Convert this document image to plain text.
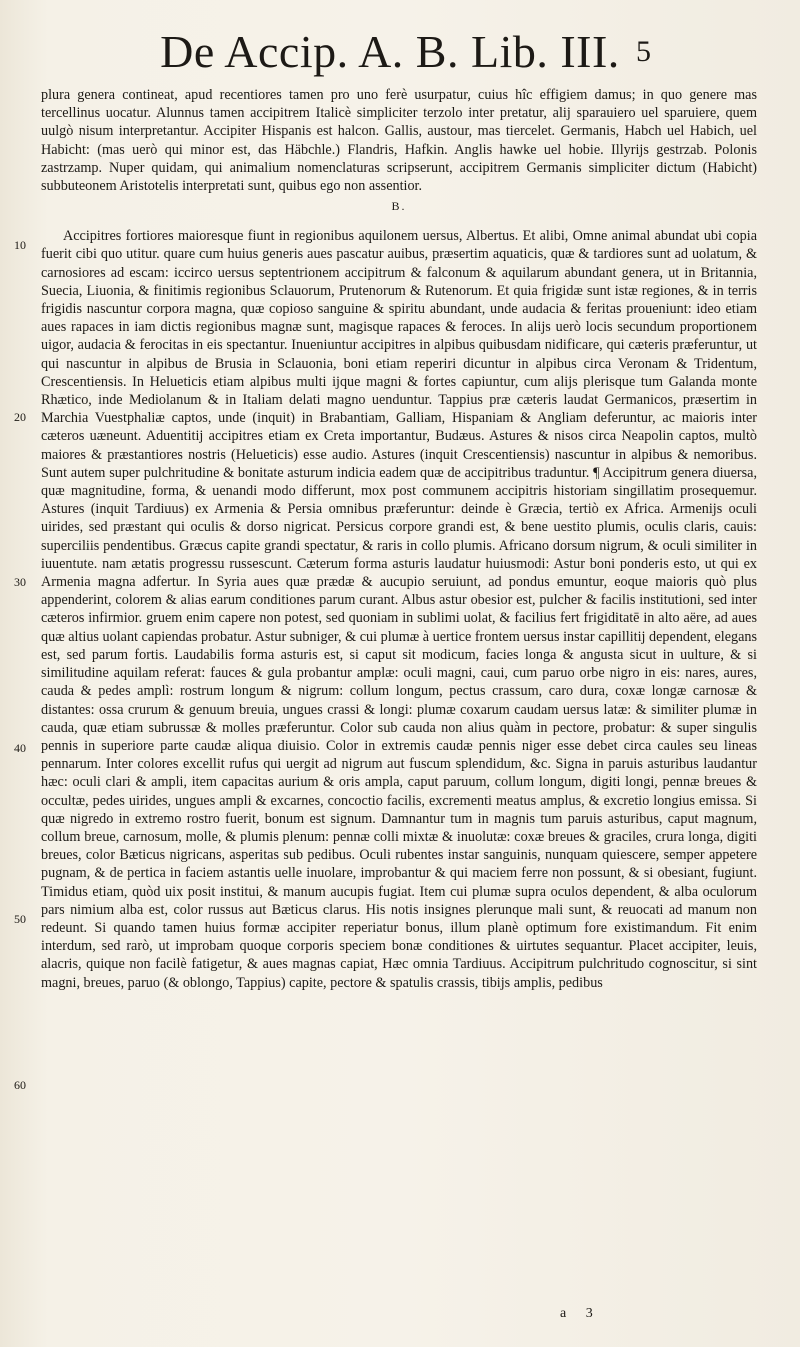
De Accip. A. B. Lib. III. 5
10
20
30
40
50
60

plura genera contineat, apud recentiores tamen pro uno ferè usurpatur, cuius hîc effigiem damus; in quo genere mas tercellinus uocatur. Alunnus tamen accipitrem Italicè simpliciter terzolo inter pretatur, alij sparauiero uel sparuiere, quem uulgò nisum interpretantur. Accipiter Hispanis est halcon. Gallis, austour, mas tiercelet. Germanis, Habch uel Habich, uel Habicht: (mas uerò qui minor est, das Häbchle.) Flandris, Hafkin. Anglis hawke uel hobie. Illyrijs gestrzab. Polonis zastrzamp. Nuper quidam, qui animalium nomenclaturas scripserunt, accipitrem Germanis simpliciter dictum (Habicht) subbuteonem Aristotelis interpretati sunt, quibus ego non assentior.

B.

Accipitres fortiores maioresque fiunt in regionibus aquilonem uersus, Albertus. Et alibi, Omne animal abundat ubi copia fuerit cibi quo utitur. quare cum huius generis aues pascatur auibus, præsertim aquaticis, quæ & tardiores sunt ad uolatum, & carnosiores ad escam: iccirco uersus septentrionem accipitrum & falconum & aquilarum abundant genera, ut in Britannia, Suecia, Liuonia, & finitimis regionibus Sclauorum, Prutenorum & Rutenorum. Et quia frigidæ sunt istæ regiones, & in terris frigidis nascuntur corpora magna, quæ copioso sanguine & spiritu abundant, unde audacia & feritas proueniunt: ideo etiam aues rapaces in iam dictis regionibus magnæ sunt, magisque rapaces & feroces. In alijs uerò locis secundum proportionem uigor, audacia & ferocitas in eis spectantur. Inueniuntur accipitres in alpibus quibusdam nidificare, qui cæteris præferuntur, ut qui nascuntur in alpibus de Brusia in Sclauonia, boni etiam reperiri dicuntur in alpibus circa Veronam & Tridentum, Crescentiensis. In Helueticis etiam alpibus multi ijque magni & fortes capiuntur, cum alijs plerisque tum Galanda monte Rhætico, inde Mediolanum & in Italiam delati magno uenduntur. Tappius præ cæteris laudat Germanicos, præsertim in Marchia Vuestphaliæ captos, unde (inquit) in Brabantiam, Galliam, Hispaniam & Angliam deferuntur, ac maioris inter cæteros uæneunt. Aduentitij accipitres etiam ex Creta importantur, Budæus. Astures & nisos circa Neapolin captos, multò maiores & præstantiores nostris (Helueticis) esse audio. Astures (inquit Crescentiensis) nascuntur in alpibus & nemoribus. Sunt autem super pulchritudine & bonitate asturum indicia eadem quæ de accipitribus traduntur. ¶ Accipitrum genera diuersa, quæ magnitudine, forma, & uenandi modo differunt, mox post communem accipitris historiam singillatim prosequemur. Astures (inquit Tardiuus) ex Armenia & Persia omnibus præferuntur: deinde è Græcia, tertiò ex Africa. Armenijs oculi uirides, sed præstant qui oculis & dorso nigricat. Persicus corpore grandi est, & bene uestito plumis, oculis claris, cauis: superciliis pendentibus. Græcus capite grandi spectatur, & raris in collo plumis. Africano dorsum nigrum, & oculi similiter in iuuentute. nam ætatis progressu russescunt. Cæterum forma asturis laudatur huiusmodi: Astur boni ponderis esto, ut qui ex Armenia magna adfertur. In Syria aues quæ prædæ & aucupio seruiunt, ad pondus emuntur, eoque maioris quò plus appenderint, colorem & alias earum conditiones parum curant. Albus astur obesior est, pulcher & facilis institutioni, sed inter cæteros infirmior. gruem enim capere non potest, sed quoniam in sublimi uolat, & facilius fert frigiditatē in alto aëre, ad aues quæ altius uolant capiendas probatur. Astur subniger, & cui plumæ à uertice frontem uersus instar capillitij dependent, elegans est, sed parum fortis. Laudabilis forma asturis est, si caput sit modicum, facies longa & angusta sicut in uulture, & si similitudine aquilam referat: fauces & gula probantur amplæ: oculi magni, caui, cum paruo orbe nigro in eis: nares, aures, cauda & pedes amplì: rostrum longum & nigrum: collum longum, pectus crassum, caro dura, coxæ longæ carnosæ & distantes: ossa crurum & genuum breuia, ungues crassi & longi: plumæ coxarum caudam uersus latæ: & similiter plumæ in cauda, quæ etiam subrussæ & molles præferuntur. Color sub cauda non alius quàm in pectore, probatur: & super singulis pennis in superiore parte caudæ aliqua diuisio. Color in extremis caudæ pennis niger esse debet circa caules seu lineas pennarum. Inter colores excellit rufus qui uergit ad nigrum aut fuscum splendidum, &c. Signa in paruis asturibus laudantur hæc: oculi clari & ampli, item capacitas aurium & oris ampla, caput paruum, collum longum, digiti longi, pennæ breues & occultæ, pedes uirides, ungues ampli & excarnes, concoctio facilis, excrementi meatus amplus, & excretio longius emissa. Si quæ nigredo in extremo rostro fuerit, bonum est signum. Damnantur tum in magnis tum paruis asturibus, caput magnum, collum breue, carnosum, molle, & plumis plenum: pennæ colli mixtæ & inuolutæ: coxæ breues & graciles, crura longa, digiti breues, color Bæticus nigricans, asperitas sub pedibus. Oculi rubentes instar sanguinis, nunquam quiescere, semper appetere pugnam, & de pertica in faciem astantis uelle inuolare, improbantur & qui maciem ferre non possunt, & si obesiant, fugiunt. Timidus etiam, quòd uix posit institui, & manum aucupis fugiat. Item cui plumæ supra oculos dependent, & alba oculorum pars nimium alba est, color russus aut Bæticus clarus. His notis insignes plerunque mali sunt, & reuocati ad manum non redeunt. Si quando tamen huius formæ accipiter reperiatur bonus, illum planè optimum fore existimandum. Fit enim interdum, sed rarò, ut improbam quoque corporis speciem bonæ conditiones & uirtutes sequantur. Placet accipiter, leuis, alacris, quique non facilè fatigetur, & aues magnas capiat, Hæc omnia Tardiuus. Accipitrum pulchritudo cognoscitur, si sint magni, breues, paruo (& oblongo, Tappius) capite, pectore & spatulis crassis, tibijs amplis, pedibus

a 3
